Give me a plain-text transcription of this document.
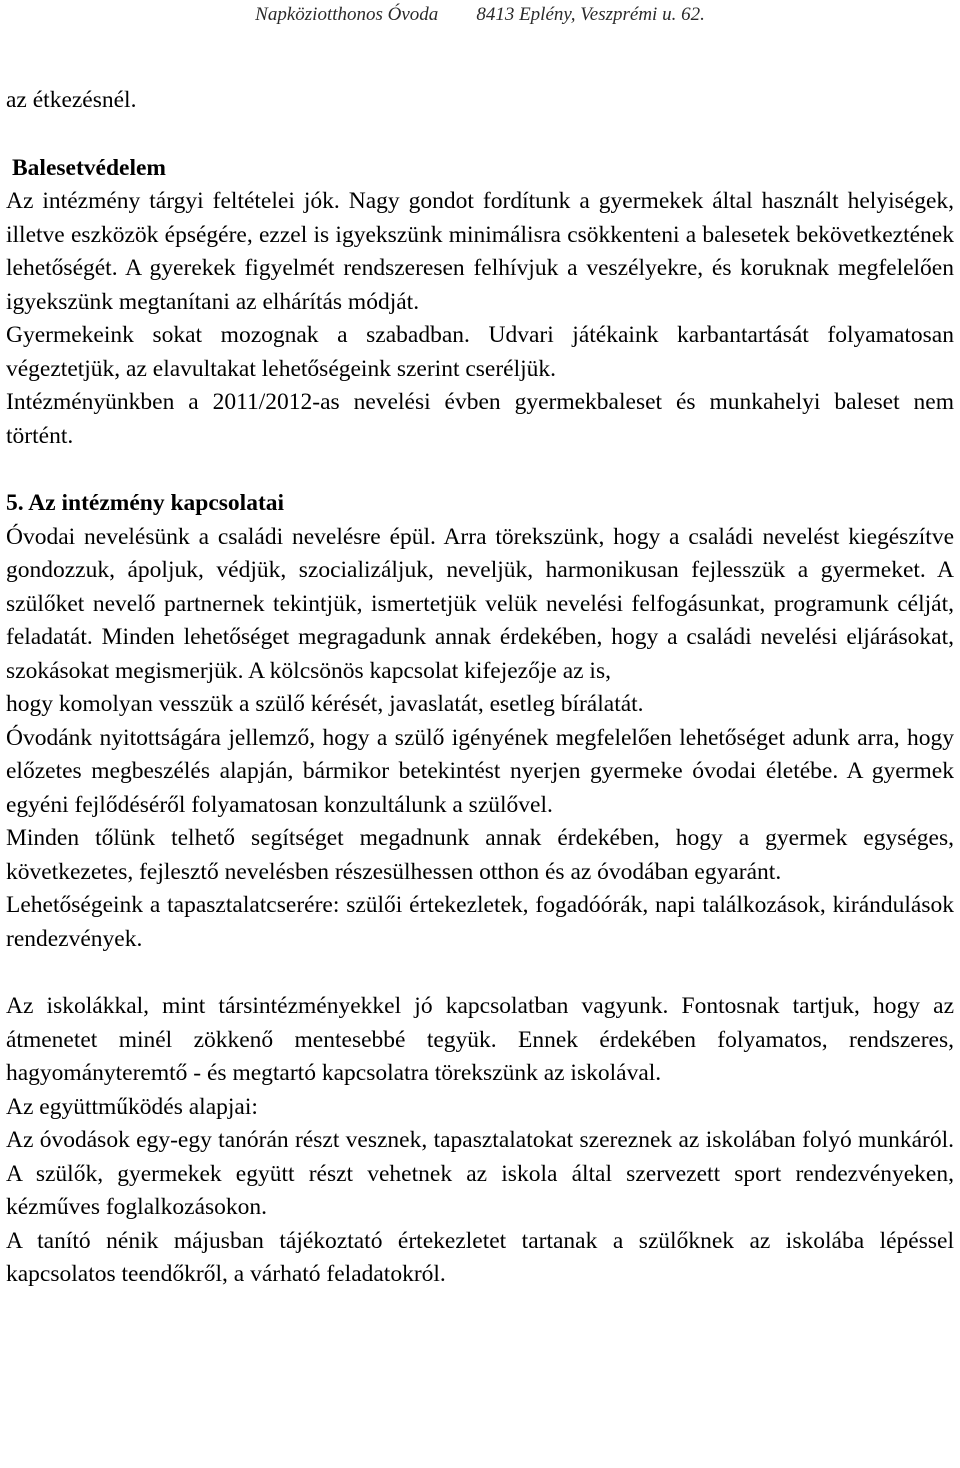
Napköziotthonos Óvoda 8413 Eplény, Veszprémi u. 62.

az étkezésnél.

Balesetvédelem

Az intézmény tárgyi feltételei jók. Nagy gondot fordítunk a gyermekek által használt helyiségek, illetve eszközök épségére, ezzel is igyekszünk minimálisra csökkenteni a balesetek bekövetkeztének lehetőségét. A gyerekek figyelmét rendszeresen felhívjuk a veszélyekre, és koruknak megfelelően igyekszünk megtanítani az elhárítás módját.

Gyermekeink sokat mozognak a szabadban. Udvari játékaink karbantartását folyamatosan végeztetjük, az elavultakat lehetőségeink szerint cseréljük.

Intézményünkben a 2011/2012-as nevelési évben gyermekbaleset és munkahelyi baleset nem történt.

5. Az intézmény kapcsolatai

Óvodai nevelésünk a családi nevelésre épül. Arra törekszünk, hogy a családi nevelést kiegészítve gondozzuk, ápoljuk, védjük, szocializáljuk, neveljük, harmonikusan fejlesszük a gyermeket. A szülőket nevelő partnernek tekintjük, ismertetjük velük nevelési felfogásunkat, programunk célját, feladatát. Minden lehetőséget megragadunk annak érdekében, hogy a családi nevelési eljárásokat, szokásokat megismerjük. A kölcsönös kapcsolat kifejezője az is,

hogy komolyan vesszük a szülő kérését, javaslatát, esetleg bírálatát.

Óvodánk nyitottságára jellemző, hogy a szülő igényének megfelelően lehetőséget adunk arra, hogy előzetes megbeszélés alapján, bármikor betekintést nyerjen gyermeke óvodai életébe. A gyermek egyéni fejlődéséről folyamatosan konzultálunk a szülővel.

Minden tőlünk telhető segítséget megadnunk annak érdekében, hogy a gyermek egységes, következetes, fejlesztő nevelésben részesülhessen otthon és az óvodában egyaránt.

Lehetőségeink a tapasztalatcserére: szülői értekezletek, fogadóórák, napi találkozások, kirándulások rendezvények.

Az iskolákkal, mint társintézményekkel jó kapcsolatban vagyunk. Fontosnak tartjuk, hogy az átmenetet minél zökkenő mentesebbé tegyük. Ennek érdekében folyamatos, rendszeres, hagyományteremtő - és megtartó kapcsolatra törekszünk az iskolával.

Az együttműködés alapjai:

Az óvodások egy-egy tanórán részt vesznek, tapasztalatokat szereznek az iskolában folyó munkáról. A szülők, gyermekek együtt részt vehetnek az iskola által szervezett sport rendezvényeken, kézműves foglalkozásokon.

A tanító nénik májusban tájékoztató értekezletet tartanak a szülőknek az iskolába lépéssel kapcsolatos teendőkről, a várható feladatokról.
